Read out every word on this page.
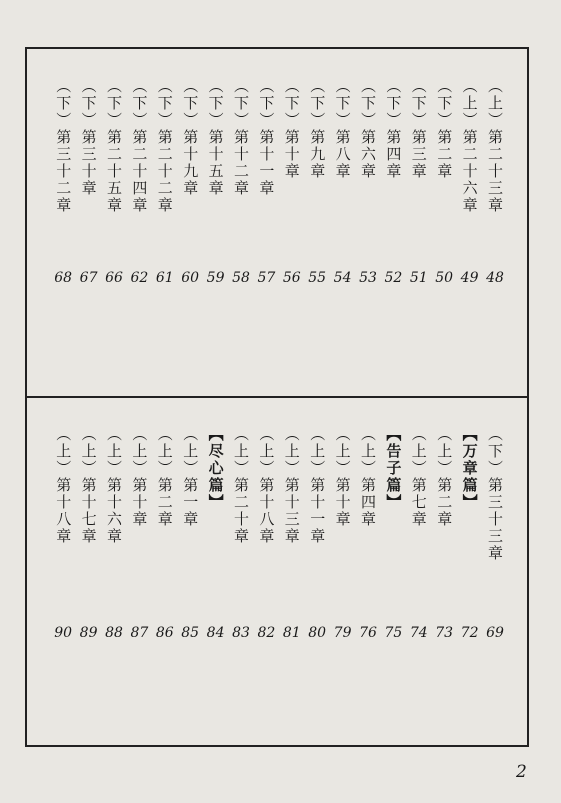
（上）第二十三章
48
（上）第二十六章
49
（下）第二章
50
（下）第三章
51
（下）第四章
52
（下）第六章
53
（下）第八章
54
（下）第九章
55
（下）第十章
56
（下）第十一章
57
（下）第十二章
58
（下）第十五章
59
（下）第十九章
60
（下）第二十二章
61
（下）第二十四章
62
（下）第二十五章
66
（下）第三十章
67
（下）第三十二章
68
（下）第三十三章
69
【万章篇】
72
（上）第二章
73
（上）第七章
74
【告子篇】
75
（上）第四章
76
（上）第十章
79
（上）第十一章
80
（上）第十三章
81
（上）第十八章
82
（上）第二十章
83
【尽心篇】
84
（上）第一章
85
（上）第二章
86
（上）第十章
87
（上）第十六章
88
（上）第十七章
89
（上）第十八章
90
2
